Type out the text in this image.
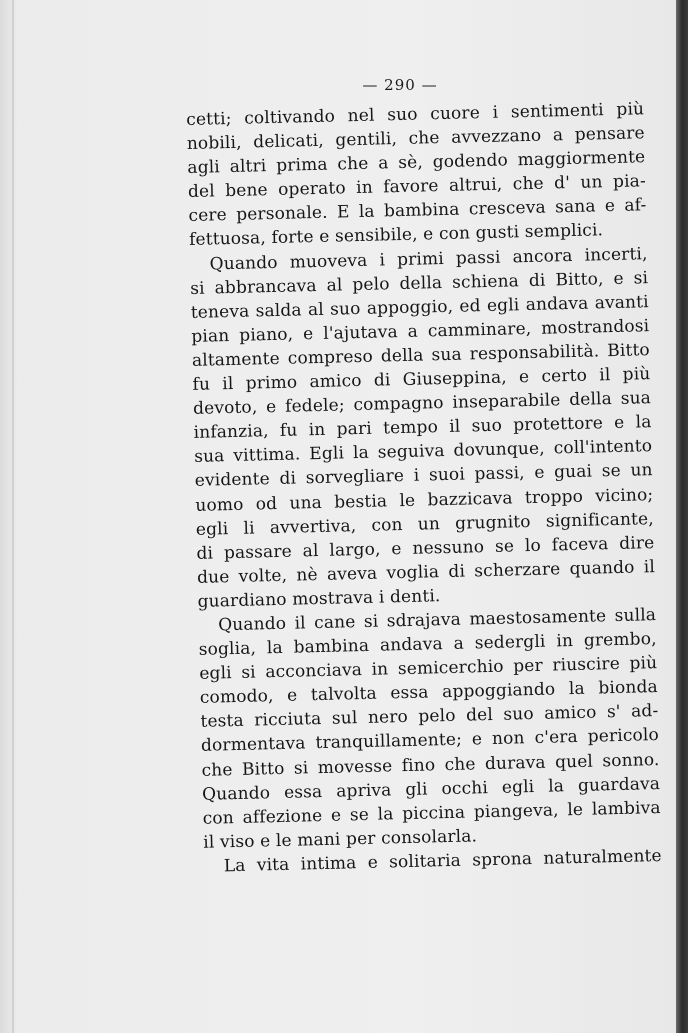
— 290 —
cetti; coltivando nel suo cuore i sentimenti più
nobili, delicati, gentili, che avvezzano a pensare
agli altri prima che a sè, godendo maggiormente
del bene operato in favore altrui, che d' un pia-
cere personale. E la bambina cresceva sana e af-
fettuosa, forte e sensibile, e con gusti semplici.
Quando muoveva i primi passi ancora incerti,
si abbrancava al pelo della schiena di Bitto, e si
teneva salda al suo appoggio, ed egli andava avanti
pian piano, e l'ajutava a camminare, mostrandosi
altamente compreso della sua responsabilità. Bitto
fu il primo amico di Giuseppina, e certo il più
devoto, e fedele; compagno inseparabile della sua
infanzia, fu in pari tempo il suo protettore e la
sua vittima. Egli la seguiva dovunque, coll'intento
evidente di sorvegliare i suoi passi, e guai se un
uomo od una bestia le bazzicava troppo vicino;
egli li avvertiva, con un grugnito significante,
di passare al largo, e nessuno se lo faceva dire
due volte, nè aveva voglia di scherzare quando il
guardiano mostrava i denti.
Quando il cane si sdrajava maestosamente sulla
soglia, la bambina andava a sedergli in grembo,
egli si acconciava in semicerchio per riuscire più
comodo, e talvolta essa appoggiando la bionda
testa ricciuta sul nero pelo del suo amico s' ad-
dormentava tranquillamente; e non c'era pericolo
che Bitto si movesse fino che durava quel sonno.
Quando essa apriva gli occhi egli la guardava
con affezione e se la piccina piangeva, le lambiva
il viso e le mani per consolarla.
La vita intima e solitaria sprona naturalmente
